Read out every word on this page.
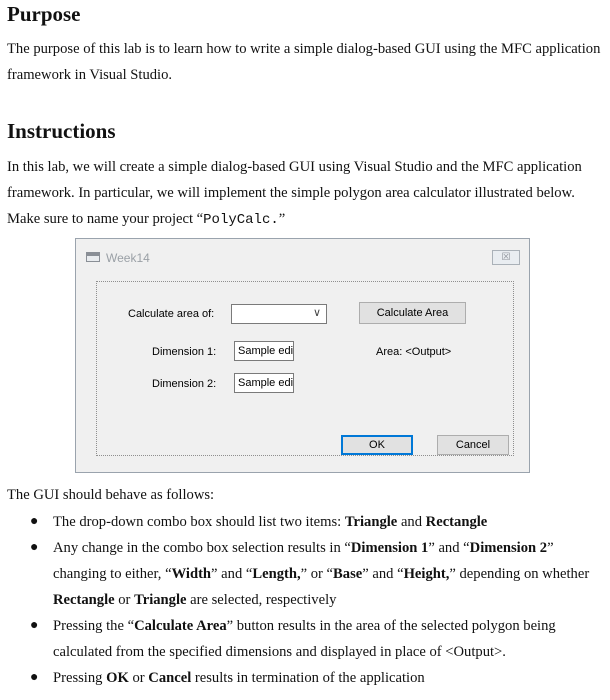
Purpose

The purpose of this lab is to learn how to write a simple dialog-based GUI using the MFC application framework in Visual Studio.

Instructions

In this lab, we will create a simple dialog-based GUI using Visual Studio and the MFC application framework. In particular, we will implement the simple polygon area calculator illustrated below. Make sure to name your project “PolyCalc.”

Week14	☒
Calculate area of:	∨	Calculate Area
Dimension 1:	Sample edi	Area: <Output>
Dimension 2:	Sample edi
OK	Cancel

The GUI should behave as follows:

● The drop-down combo box should list two items: Triangle and Rectangle
● Any change in the combo box selection results in “Dimension 1” and “Dimension 2” changing to either, “Width” and “Length,” or “Base” and “Height,” depending on whether Rectangle or Triangle are selected, respectively
● Pressing the “Calculate Area” button results in the area of the selected polygon being calculated from the specified dimensions and displayed in place of <Output>.
● Pressing OK or Cancel results in termination of the application
